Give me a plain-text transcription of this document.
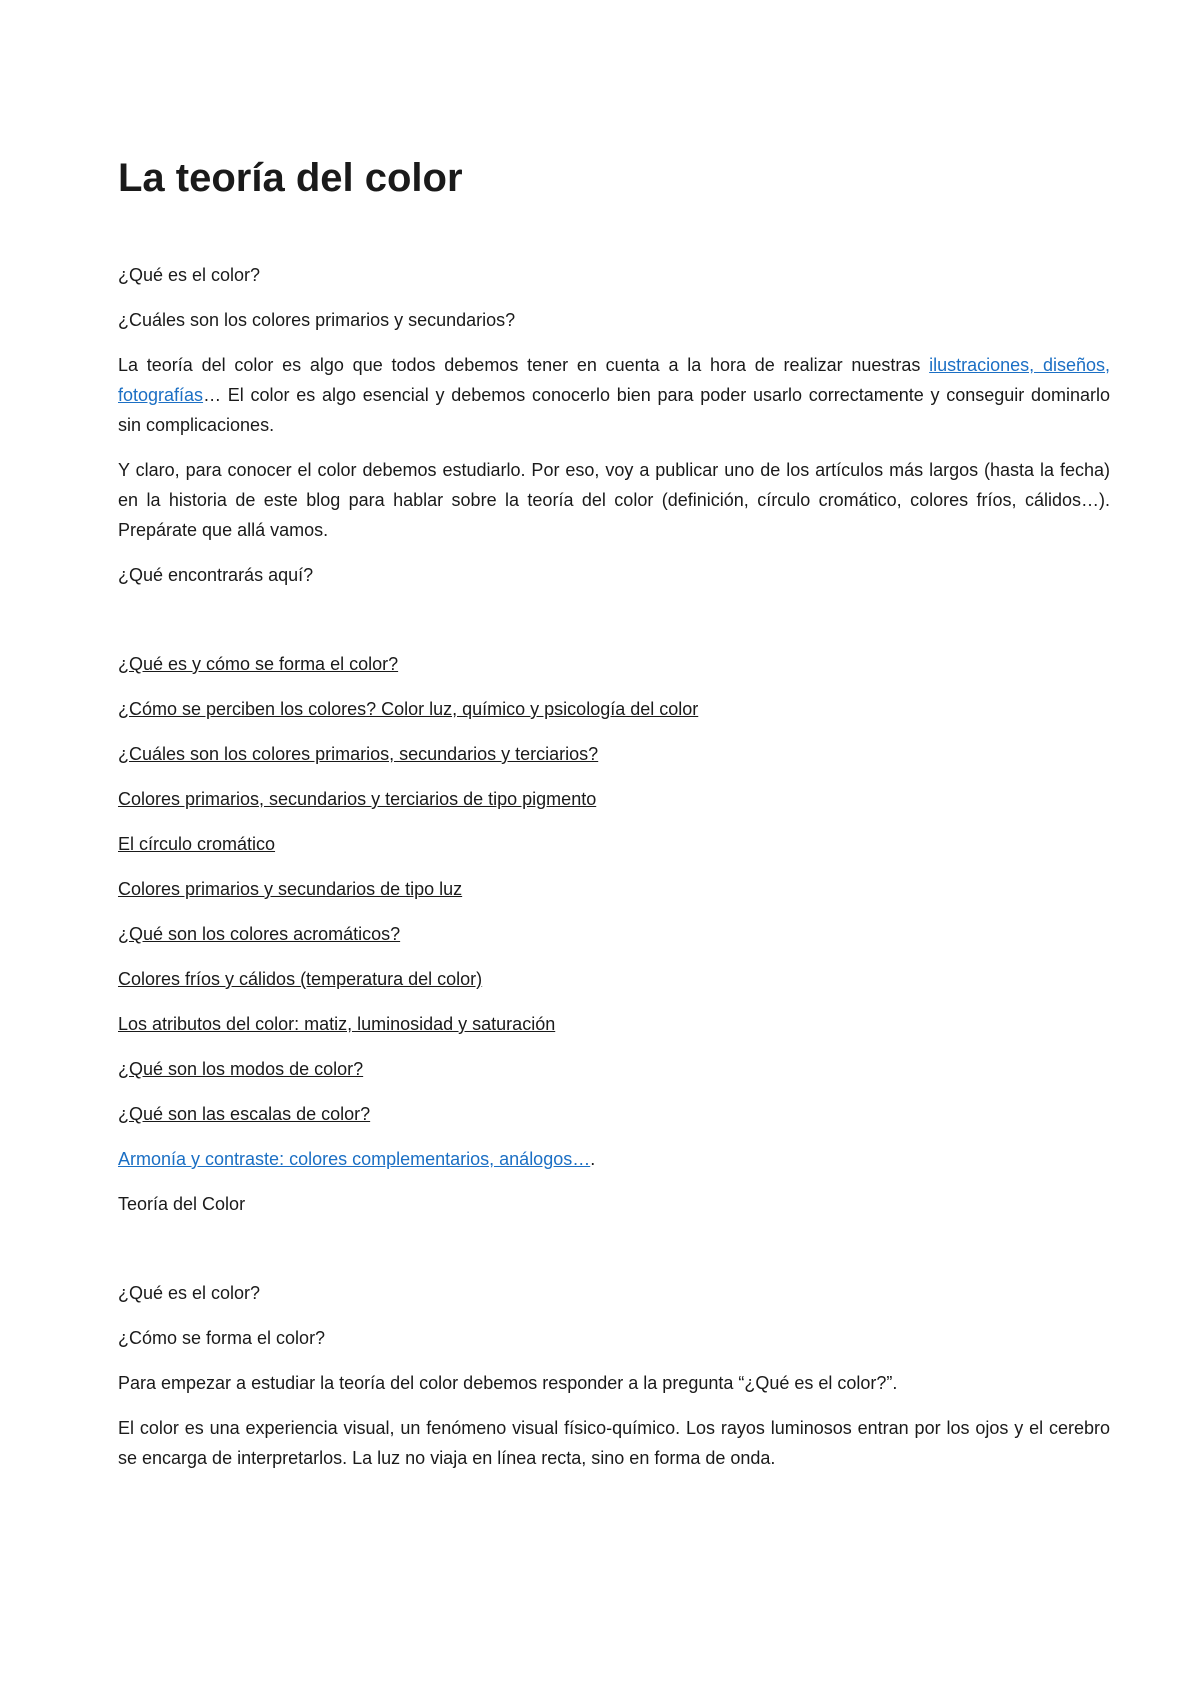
La teoría del color

¿Qué es el color?

¿Cuáles son los colores primarios y secundarios?

La teoría del color es algo que todos debemos tener en cuenta a la hora de realizar nuestras ilustraciones, diseños, fotografías… El color es algo esencial y debemos conocerlo bien para poder usarlo correctamente y conseguir dominarlo sin complicaciones.

Y claro, para conocer el color debemos estudiarlo. Por eso, voy a publicar uno de los artículos más largos (hasta la fecha) en la historia de este blog para hablar sobre la teoría del color (definición, círculo cromático, colores fríos, cálidos…). Prepárate que allá vamos.

¿Qué encontrarás aquí?

¿Qué es y cómo se forma el color?

¿Cómo se perciben los colores? Color luz, químico y psicología del color

¿Cuáles son los colores primarios, secundarios y terciarios?

Colores primarios, secundarios y terciarios de tipo pigmento

El círculo cromático

Colores primarios y secundarios de tipo luz

¿Qué son los colores acromáticos?

Colores fríos y cálidos (temperatura del color)

Los atributos del color: matiz, luminosidad y saturación

¿Qué son los modos de color?

¿Qué son las escalas de color?

Armonía y contraste: colores complementarios, análogos….

Teoría del Color

¿Qué es el color?

¿Cómo se forma el color?

Para empezar a estudiar la teoría del color debemos responder a la pregunta “¿Qué es el color?”.

El color es una experiencia visual, un fenómeno visual físico-químico. Los rayos luminosos entran por los ojos y el cerebro se encarga de interpretarlos. La luz no viaja en línea recta, sino en forma de onda.
